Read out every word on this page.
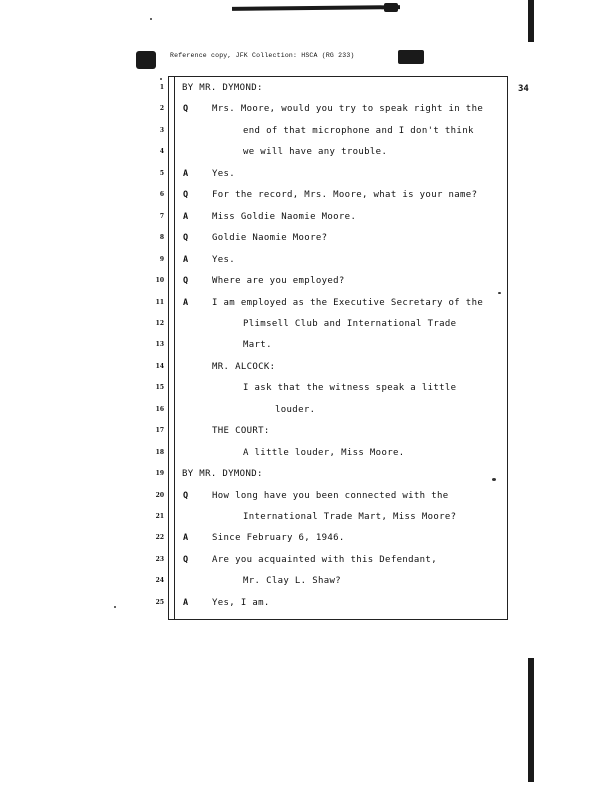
Reference copy, JFK Collection: HSCA (RG 233)
34
1 BY MR. DYMOND:
2 Q	Mrs. Moore, would you try to speak right in the
3	end of that microphone and I don't think
4	we will have any trouble.
5 A	Yes.
6 Q	For the record, Mrs. Moore, what is your name?
7 A	Miss Goldie Naomie Moore.
8 Q	Goldie Naomie Moore?
9 A	Yes.
10 Q	Where are you employed?
11 A	I am employed as the Executive Secretary of the
12	Plimsell Club and International Trade
13	Mart.
14	MR. ALCOCK:
15	I ask that the witness speak a little
16	louder.
17	THE COURT:
18	A little louder, Miss Moore.
19 BY MR. DYMOND:
20 Q	How long have you been connected with the
21	International Trade Mart, Miss Moore?
22 A	Since February 6, 1946.
23 Q	Are you acquainted with this Defendant,
24	Mr. Clay L. Shaw?
25 A	Yes, I am.
